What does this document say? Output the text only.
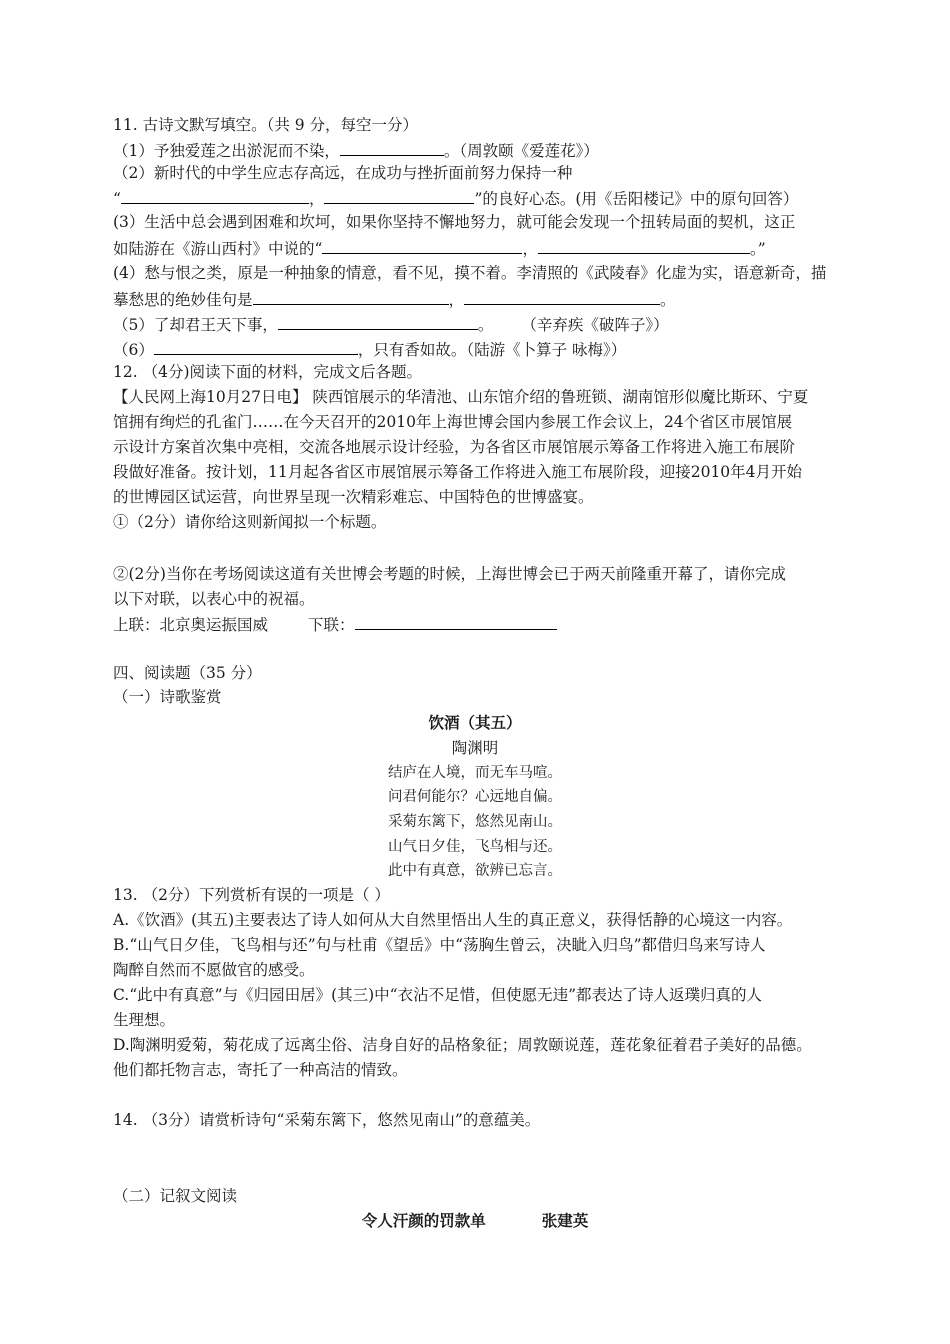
11. 古诗文默写填空。（共 9 分，每空一分）
（1）予独爱莲之出淤泥而不染，	。（周敦颐《爱莲花》）
（2）新时代的中学生应志存高远，在成功与挫折面前努力保持一种
“	，	”的良好心态。(用《岳阳楼记》中的原句回答）
(3）生活中总会遇到困难和坎坷，如果你坚持不懈地努力，就可能会发现一个扭转局面的契机，这正
如陆游在《游山西村》中说的“	，	。”
(4）愁与恨之类，原是一种抽象的情意，看不见，摸不着。李清照的《武陵春》化虚为实，语意新奇，描
摹愁思的绝妙佳句是	，	。
（5）了却君王天下事，	。 （辛弃疾《破阵子》）
（6）	，只有香如故。（陆游《卜算子 咏梅》）
12. （4分)阅读下面的材料，完成文后各题。
【人民网上海10月27日电】 陕西馆展示的华清池、山东馆介绍的鲁班锁、湖南馆形似魔比斯环、宁夏
馆拥有绚烂的孔雀门……在今天召开的2010年上海世博会国内参展工作会议上，24个省区市展馆展
示设计方案首次集中亮相，交流各地展示设计经验，为各省区市展馆展示筹备工作将进入施工布展阶
段做好准备。按计划，11月起各省区市展馆展示筹备工作将进入施工布展阶段，迎接2010年4月开始
的世博园区试运营，向世界呈现一次精彩难忘、中国特色的世博盛宴。
①（2分）请你给这则新闻拟一个标题。
②(2分)当你在考场阅读这道有关世博会考题的时候，上海世博会已于两天前隆重开幕了，请你完成
以下对联，以表心中的祝福。
上联：北京奥运振国威	下联：
四、阅读题（35 分）
（一）诗歌鉴赏
饮酒（其五）
陶渊明
结庐在人境，而无车马喧。
问君何能尔？心远地自偏。
采菊东篱下，悠然见南山。
山气日夕佳，飞鸟相与还。
此中有真意，欲辨已忘言。
13. （2分）下列赏析有误的一项是（ ）
A.《饮酒》(其五)主要表达了诗人如何从大自然里悟出人生的真正意义，获得恬静的心境这一内容。
B.“山气日夕佳，飞鸟相与还”句与杜甫《望岳》中“荡胸生曾云，决眦入归鸟”都借归鸟来写诗人
陶醉自然而不愿做官的感受。
C.“此中有真意”与《归园田居》(其三)中“衣沾不足惜，但使愿无违”都表达了诗人返璞归真的人
生理想。
D.陶渊明爱菊，菊花成了远离尘俗、洁身自好的品格象征；周敦颐说莲，莲花象征着君子美好的品德。
他们都托物言志，寄托了一种高洁的情致。
14. （3分）请赏析诗句“采菊东篱下，悠然见南山”的意蕴美。
（二）记叙文阅读
令人汗颜的罚款单	张建英
